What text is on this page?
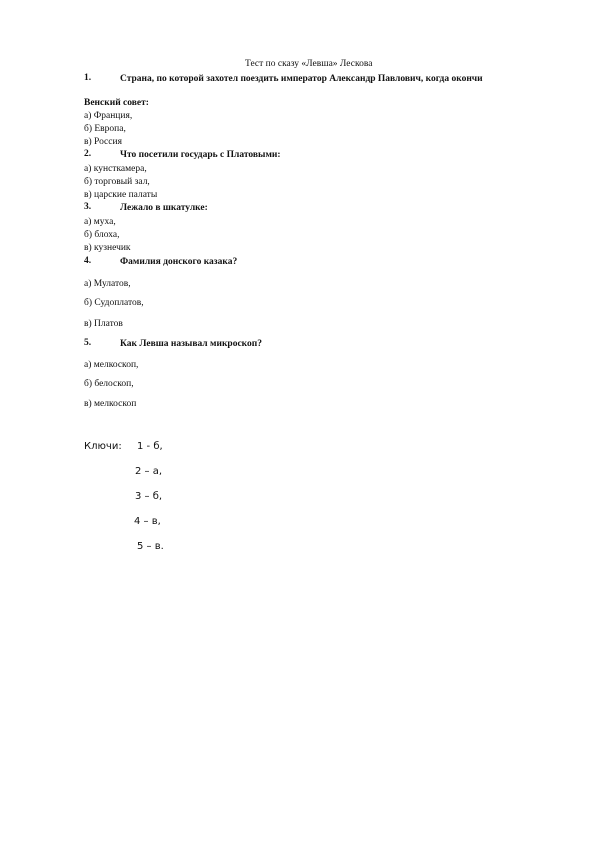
Тест по сказу «Левша» Лескова
1.	Страна, по которой захотел поездить император Александр Павлович, когда окончи
Венский совет:
а) Франция,
б) Европа,
в) Россия
2.	Что посетили государь с Платовыми:
а) кунсткамера,
б) торговый зал,
в) царские палаты
3.	Лежало в шкатулке:
а) муха,
б) блоха,
в) кузнечик
4.	Фамилия донского казака?
а) Мулатов,
б) Судоплатов,
в) Платов
5.	Как Левша называл микроскоп?
а) мелкоскоп,
б) белоскоп,
в) мелкоскоп
Ключи: 1 - б,
2 – а,
3 – б,
4 – в,
5 – в.
